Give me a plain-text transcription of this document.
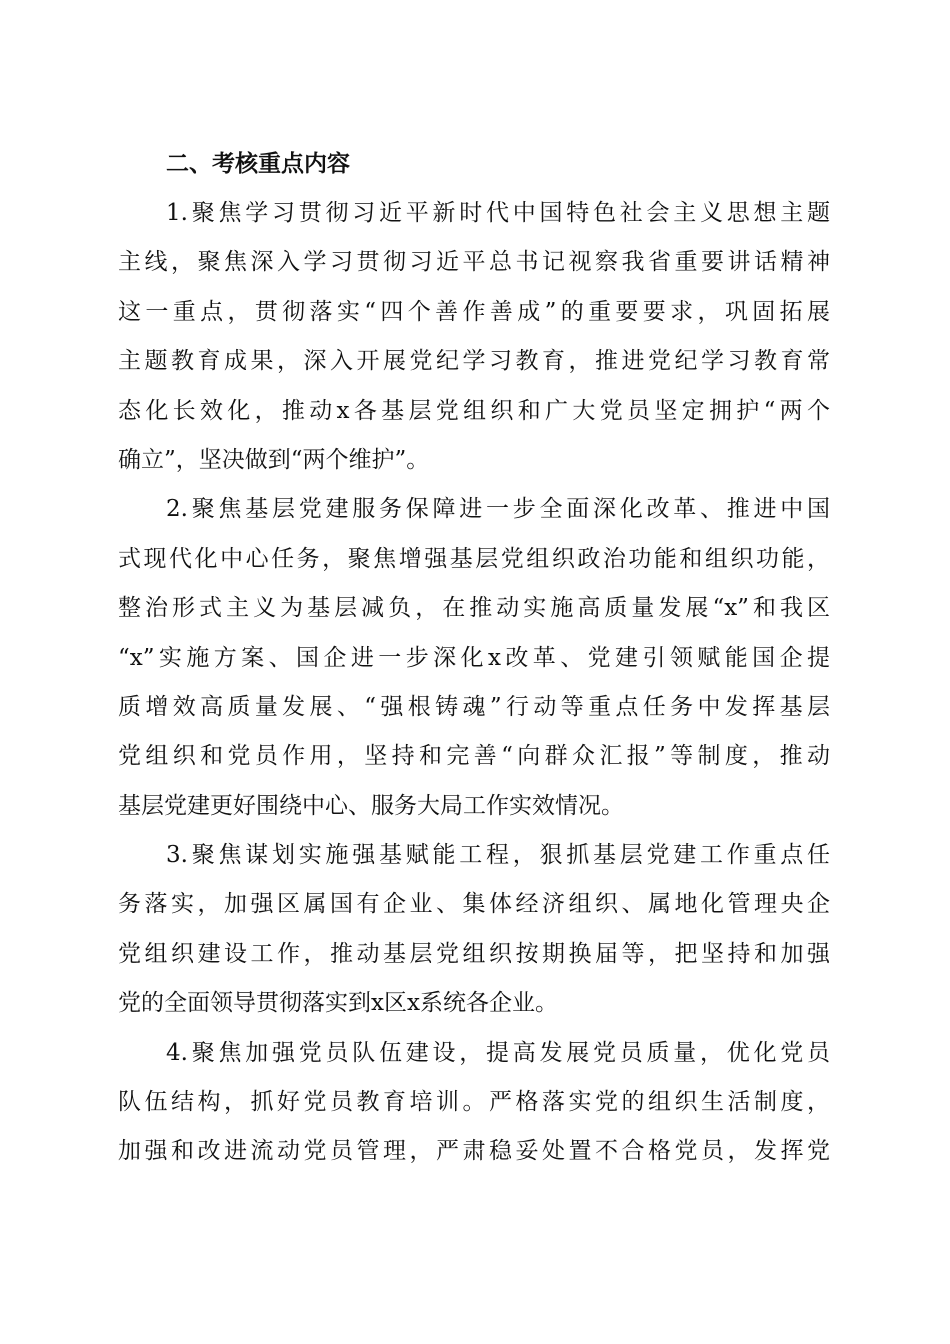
二、考核重点内容

1.聚焦学习贯彻习近平新时代中国特色社会主义思想主题
主线，聚焦深入学习贯彻习近平总书记视察我省重要讲话精神
这一重点，贯彻落实“四个善作善成”的重要要求，巩固拓展
主题教育成果，深入开展党纪学习教育，推进党纪学习教育常
态化长效化，推动x各基层党组织和广大党员坚定拥护“两个
确立”，坚决做到“两个维护”。

2.聚焦基层党建服务保障进一步全面深化改革、推进中国
式现代化中心任务，聚焦增强基层党组织政治功能和组织功能，
整治形式主义为基层减负，在推动实施高质量发展“x”和我区
“x”实施方案、国企进一步深化x改革、党建引领赋能国企提
质增效高质量发展、“强根铸魂”行动等重点任务中发挥基层
党组织和党员作用，坚持和完善“向群众汇报”等制度，推动
基层党建更好围绕中心、服务大局工作实效情况。

3.聚焦谋划实施强基赋能工程，狠抓基层党建工作重点任
务落实，加强区属国有企业、集体经济组织、属地化管理央企
党组织建设工作，推动基层党组织按期换届等，把坚持和加强
党的全面领导贯彻落实到x区x系统各企业。

4.聚焦加强党员队伍建设，提高发展党员质量，优化党员
队伍结构，抓好党员教育培训。严格落实党的组织生活制度，
加强和改进流动党员管理，严肃稳妥处置不合格党员，发挥党
